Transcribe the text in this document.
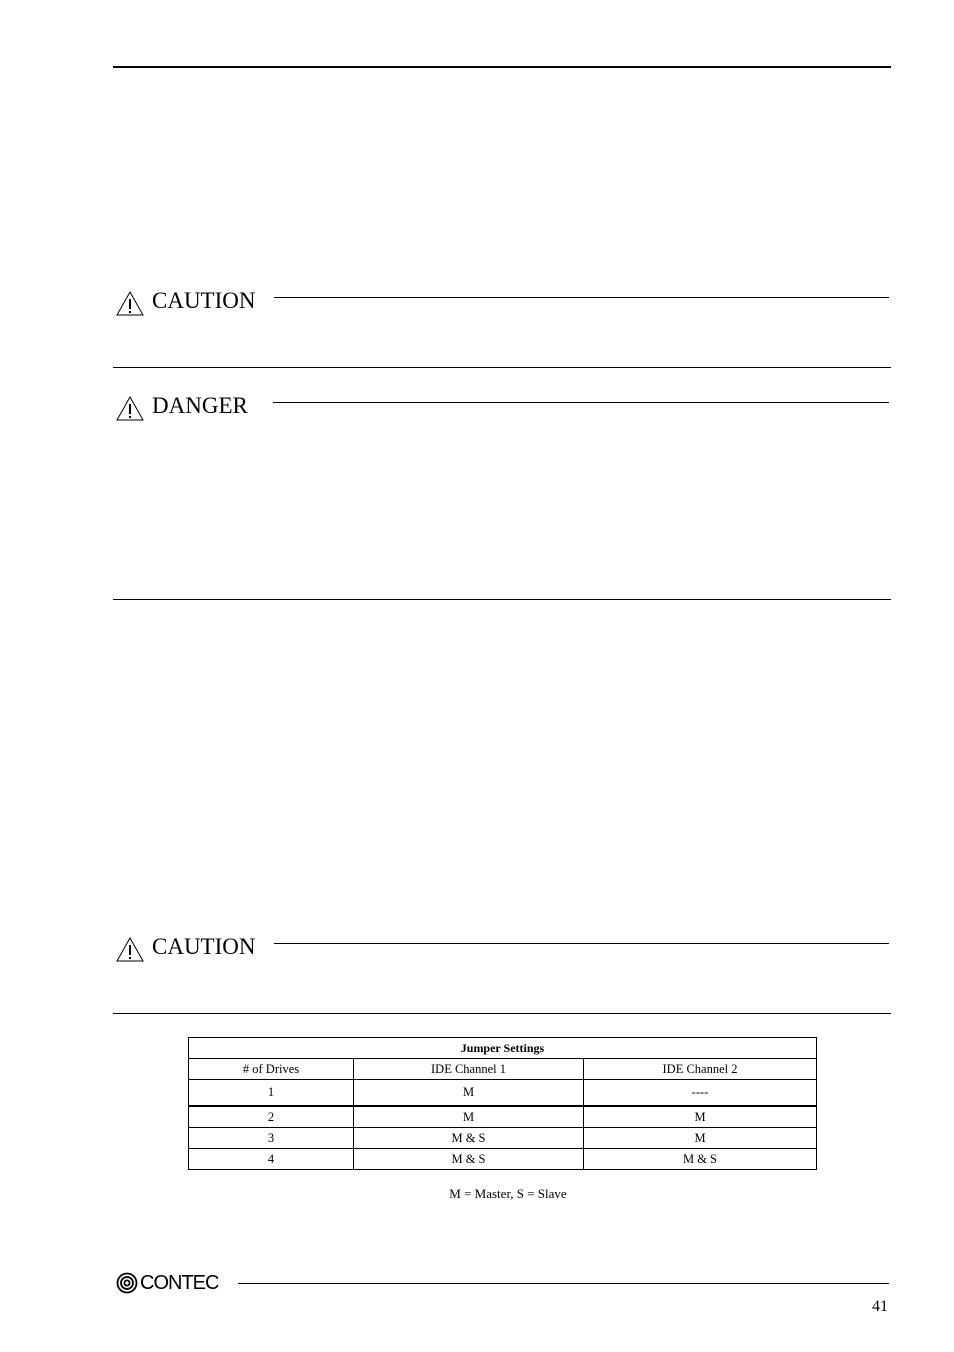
CAUTION
DANGER
CAUTION
Jumper Settings		
# of Drives	IDE Channel 1	IDE Channel 2
1	M	----
2	M	M
3	M & S	M
4	M & S	M & S
M = Master, S = Slave
CONTEC
41
